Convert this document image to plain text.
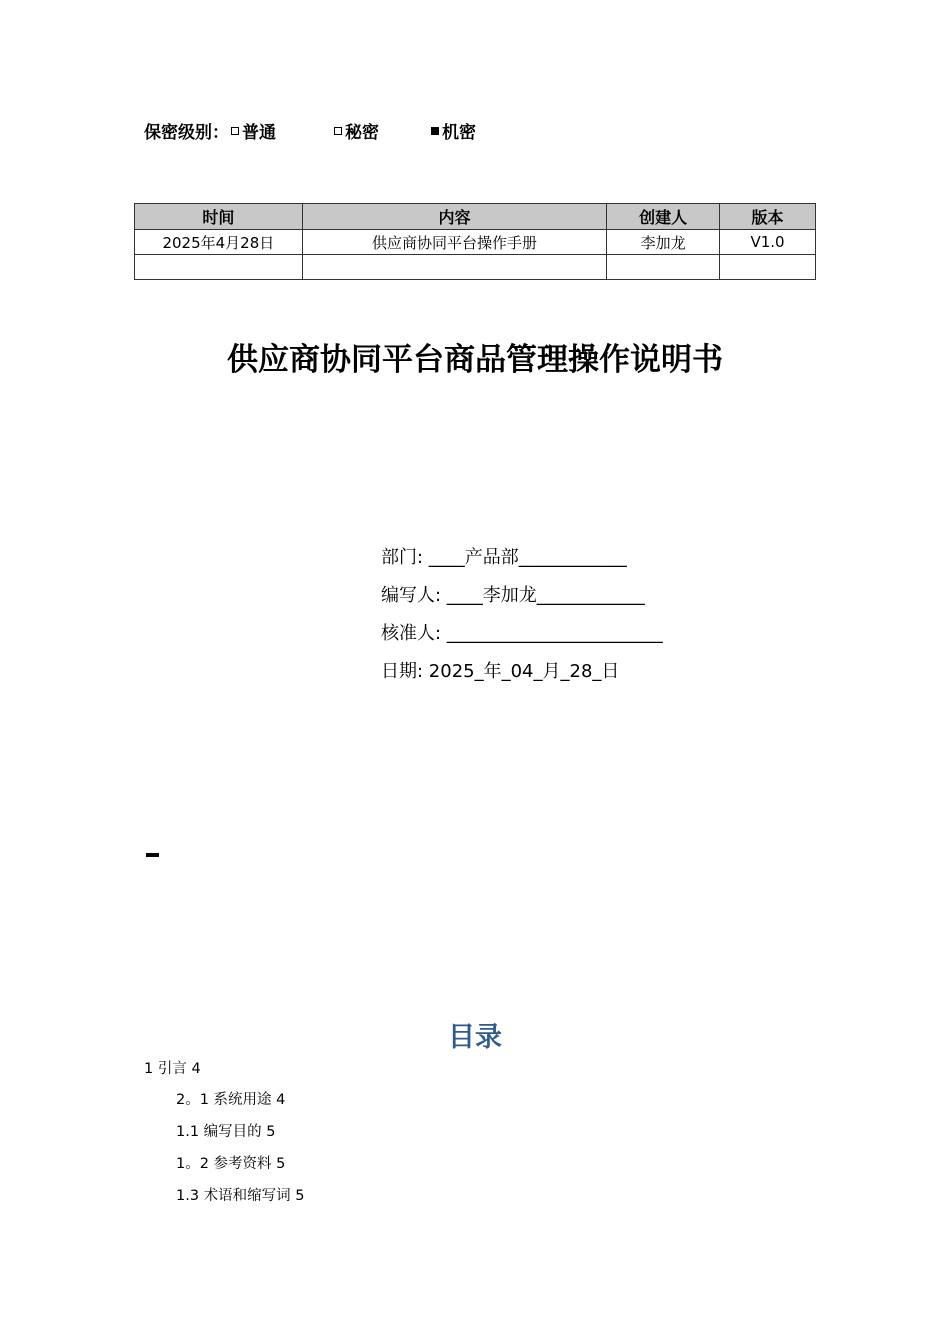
保密级别： 普通	秘密	机密
时间	内容	创建人	版本
2025年4月28日	供应商协同平台操作手册	李加龙	V1.0

供应商协同平台商品管理操作说明书
部门: ____产品部____________
编写人: ____李加龙____________
核准人: ________________________
日期: 2025_年_04_月_28_日
目录
1 引言 4
2。1 系统用途 4
1.1 编写目的 5
1。2 参考资料 5
1.3 术语和缩写词 5
